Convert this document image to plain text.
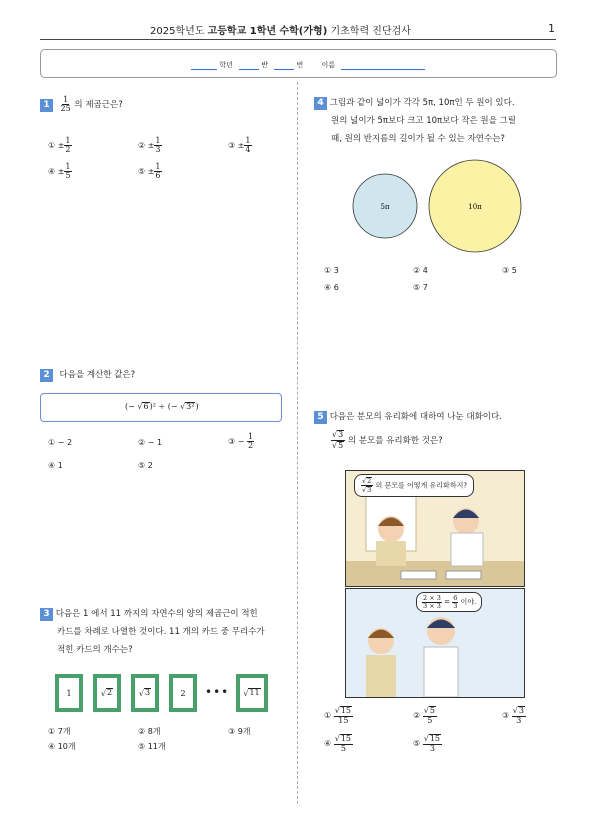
2025학년도 고등학교 1학년 수학(가형) 기초학력 진단검사	1
학년	반	번	이름
$1 \frac{1}{25}$ 의 제곱근은?
① ± $\frac{1}{2}$	② ± $\frac{1}{3}$	③ ± $\frac{1}{4}$
④ ± $\frac{1}{5}$	⑤ ± $\frac{1}{6}$
2 다음을 계산한 값은?
(− √6)² ÷ (− √3²)
① − 2	② − 1	③ − $\frac{1}{2}$
④ 1	⑤ 2
3 다음은 1 에서 11 까지의 자연수의 양의 제곱근이 적힌
카드를 차례로 나열한 것이다. 11 개의 카드 중 무리수가
적힌 카드의 개수는?
1	√ 2	√ 3	2 •••	√ 11
① 7개	② 8개	③ 9개
④ 10개	⑤ 11개
4 그림과 같이 넓이가 각각 5π, 10π인 두 원이 있다.
원의 넓이가 5π보다 크고 10π보다 작은 원을 그릴
때, 원의 반지름의 길이가 될 수 있는 자연수는?
5π	10π
① 3	② 4	③ 5
④ 6	⑤ 7
5 다음은 분모의 유리화에 대하여 나눈 대화이다.
$\frac{√3}{√5}$ 의 분모를 유리화한 것은?
$\frac{√2}{√3}$ 의 분모를 어떻게 유리화하지?
$\frac{2 \times 3}{3 \times 3} = \frac{6}{3}$ 이야.
① $\frac{√15}{15}$	② $\frac{√5}{5}$	③ $\frac{√3}{3}$
④ $\frac{√15}{5}$	⑤ $\frac{√15}{3}$
